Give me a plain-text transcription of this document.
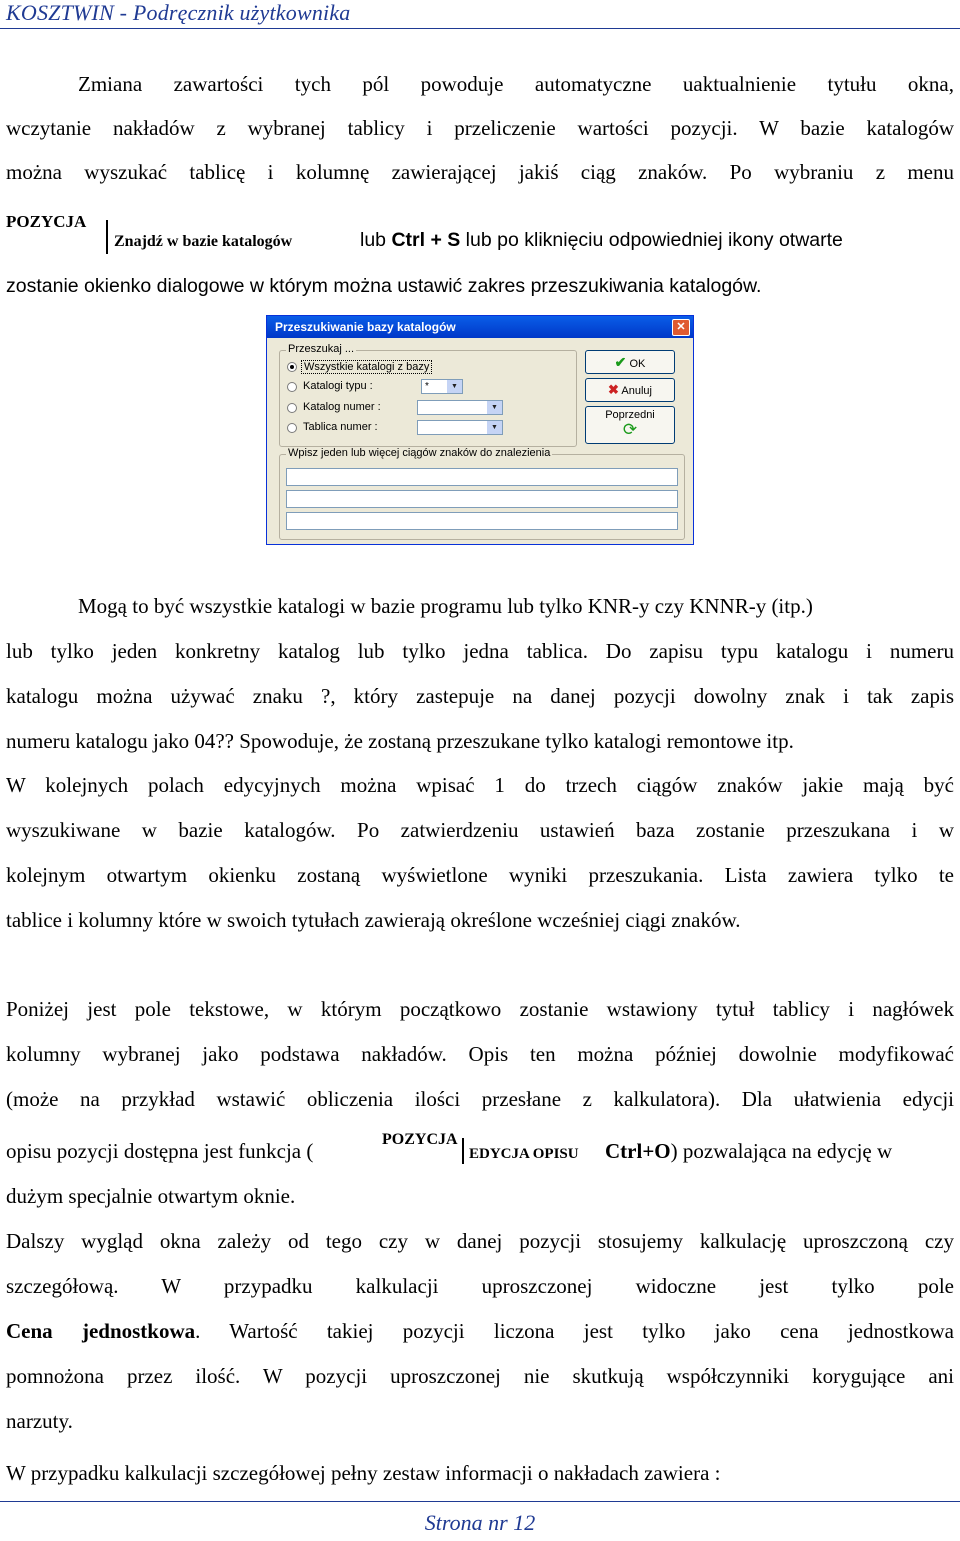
KOSZTWIN - Podręcznik użytkownika

Zmiana zawartości tych pól powoduje automatyczne uaktualnienie tytułu okna,

wczytanie nakładów z wybranej tablicy i przeliczenie wartości pozycji. W bazie katalogów

można wyszukać tablicę i kolumnę zawierającej jakiś ciąg znaków. Po wybraniu z menu

POZYCJA
Znajdź w bazie katalogów	lub Ctrl + S lub po kliknięciu odpowiedniej ikony otwarte

zostanie okienko dialogowe w którym można ustawić zakres przeszukiwania katalogów.

Przeszukiwanie bazy katalogów	✕
Przeszukaj ...
Wszystkie katalogi z bazy
Katalogi typu :	*	▼
Katalog numer :	▼
Tablica numer :	▼
✔ OK
✖ Anuluj
Poprzedni
⟳
Wpisz jeden lub więcej ciągów znaków do znalezienia

Mogą to być wszystkie katalogi w bazie programu lub tylko KNR-y czy KNNR-y (itp.)

lub tylko jeden konkretny katalog lub tylko jedna tablica. Do zapisu typu katalogu i numeru

katalogu można używać znaku ?, który zastepuje na danej pozycji dowolny znak i tak zapis

numeru katalogu jako 04?? Spowoduje, że zostaną przeszukane tylko katalogi remontowe itp.

W kolejnych polach edycyjnych można wpisać 1 do trzech ciągów znaków jakie mają być

wyszukiwane w bazie katalogów. Po zatwierdzeniu ustawień baza zostanie przeszukana i w

kolejnym otwartym okienku zostaną wyświetlone wyniki przeszukania. Lista zawiera tylko te

tablice i kolumny które w swoich tytułach zawierają określone wcześniej ciągi znaków.

Poniżej jest pole tekstowe, w którym początkowo zostanie wstawiony tytuł tablicy i nagłówek

kolumny wybranej jako podstawa nakładów. Opis ten można później dowolnie modyfikować

(może na przykład wstawić obliczenia ilości przesłane z kalkulatora). Dla ułatwienia edycji

opisu pozycji dostępna jest funkcja (	POZYCJA
EDYCJA OPISU Ctrl+O) pozwalająca na edycję w

dużym specjalnie otwartym oknie.

Dalszy wygląd okna zależy od tego czy w danej pozycji stosujemy kalkulację uproszczoną czy

szczegółową. W przypadku kalkulacji uproszczonej widoczne jest tylko pole

Cena jednostkowa. Wartość takiej pozycji liczona jest tylko jako cena jednostkowa

pomnożona przez ilość. W pozycji uproszczonej nie skutkują współczynniki korygujące ani

narzuty.

W przypadku kalkulacji szczegółowej pełny zestaw informacji o nakładach zawiera :

Strona nr 12
